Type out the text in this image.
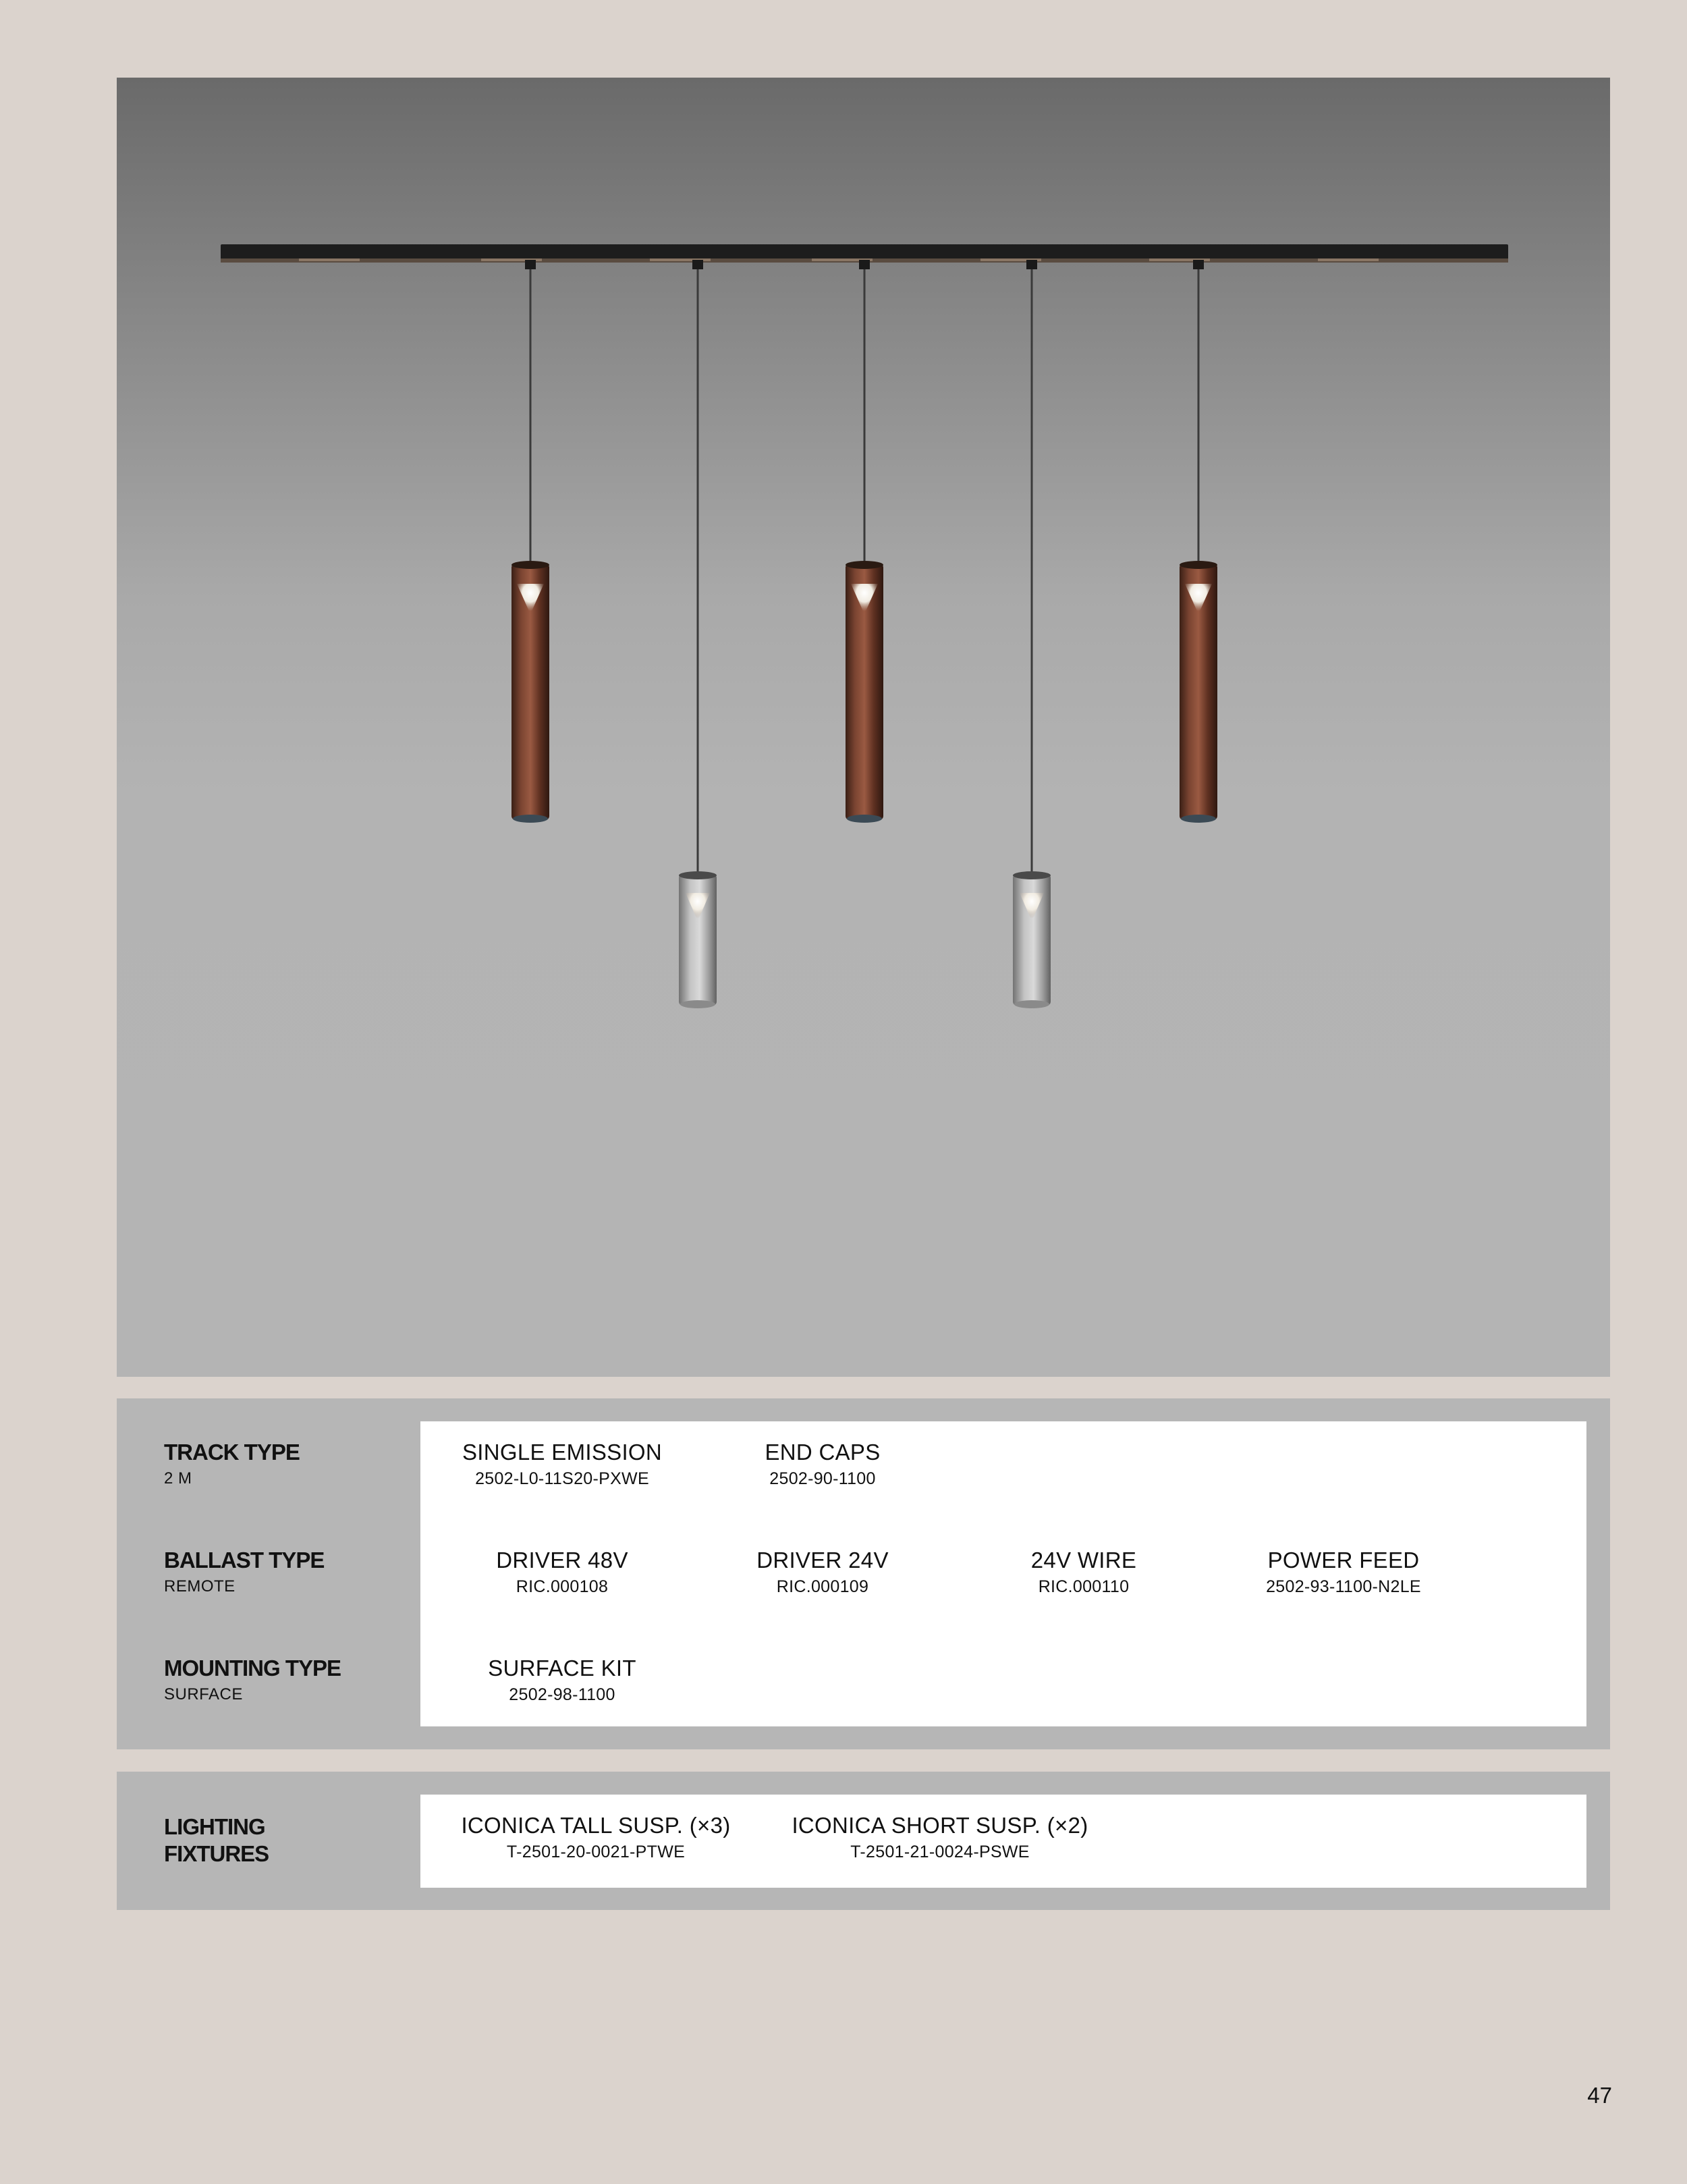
TRACK TYPE
2 M
BALLAST TYPE
REMOTE
MOUNTING TYPE
SURFACE
SINGLE EMISSION
2502-L0-11S20-PXWE
END CAPS
2502-90-1100
DRIVER 48V
RIC.000108
DRIVER 24V
RIC.000109
24V WIRE
RIC.000110
POWER FEED
2502-93-1100-N2LE
SURFACE KIT
2502-98-1100
LIGHTING
FIXTURES
ICONICA TALL SUSP. (×3)
T-2501-20-0021-PTWE
ICONICA SHORT SUSP. (×2)
T-2501-21-0024-PSWE
47
